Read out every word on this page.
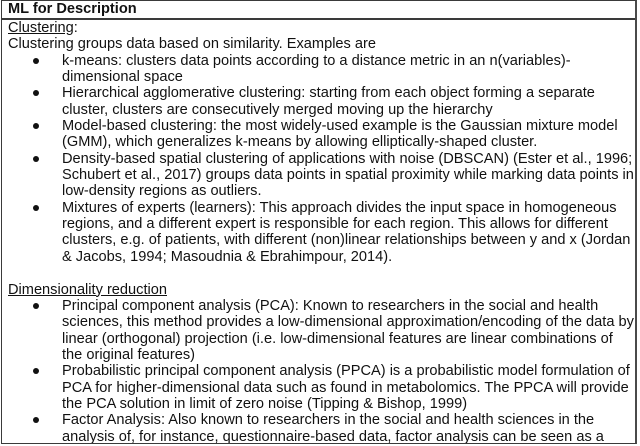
ML for Description
Clustering:
Clustering groups data based on similarity. Examples are
k-means: clusters data points according to a distance metric in an n(variables)-dimensional space
Hierarchical agglomerative clustering: starting from each object forming a separate cluster, clusters are consecutively merged moving up the hierarchy
Model-based clustering: the most widely-used example is the Gaussian mixture model (GMM), which generalizes k-means by allowing elliptically-shaped cluster.
Density-based spatial clustering of applications with noise (DBSCAN) (Ester et al., 1996; Schubert et al., 2017) groups data points in spatial proximity while marking data points in low-density regions as outliers.
Mixtures of experts (learners): This approach divides the input space in homogeneous regions, and a different expert is responsible for each region. This allows for different clusters, e.g. of patients, with different (non)linear relationships between y and x (Jordan & Jacobs, 1994; Masoudnia & Ebrahimpour, 2014).
Dimensionality reduction
Principal component analysis (PCA): Known to researchers in the social and health sciences, this method provides a low-dimensional approximation/encoding of the data by linear (orthogonal) projection (i.e. low-dimensional features are linear combinations of the original features)
Probabilistic principal component analysis (PPCA) is a probabilistic model formulation of PCA for higher-dimensional data such as found in metabolomics. The PPCA will provide the PCA solution in limit of zero noise (Tipping & Bishop, 1999)
Factor Analysis: Also known to researchers in the social and health sciences in the analysis of, for instance, questionnaire-based data, factor analysis can be seen as a
